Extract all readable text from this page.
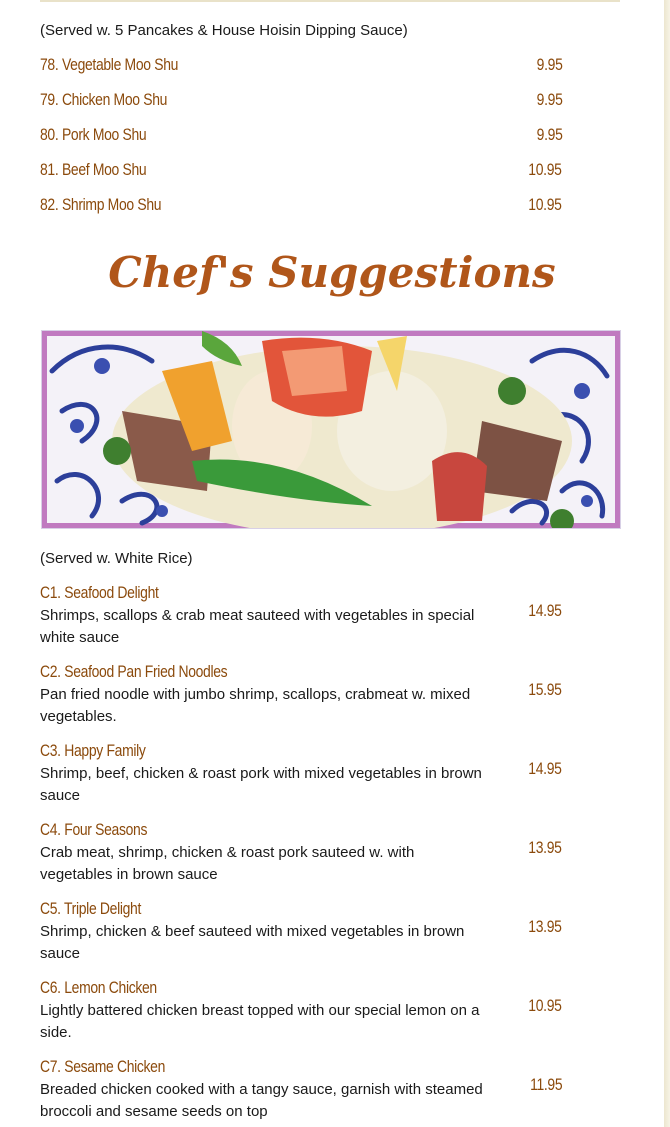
(Served w. 5 Pancakes & House Hoisin Dipping Sauce)
78. Vegetable Moo Shu	9.95
79. Chicken Moo Shu	9.95
80. Pork Moo Shu	9.95
81. Beef Moo Shu	10.95
82. Shrimp Moo Shu	10.95
Chef's Suggestions
(Served w. White Rice)
C1. Seafood Delight
Shrimps, scallops & crab meat sauteed with vegetables in special white sauce
14.95
C2. Seafood Pan Fried Noodles
Pan fried noodle with jumbo shrimp, scallops, crabmeat w. mixed vegetables.
15.95
C3. Happy Family
Shrimp, beef, chicken & roast pork with mixed vegetables in brown sauce
14.95
C4. Four Seasons
Crab meat, shrimp, chicken & roast pork sauteed w. with vegetables in brown sauce
13.95
C5. Triple Delight
Shrimp, chicken & beef sauteed with mixed vegetables in brown sauce
13.95
C6. Lemon Chicken
Lightly battered chicken breast topped with our special lemon on a side.
10.95
C7. Sesame Chicken
Breaded chicken cooked with a tangy sauce, garnish with steamed broccoli and sesame seeds on top
11.95
